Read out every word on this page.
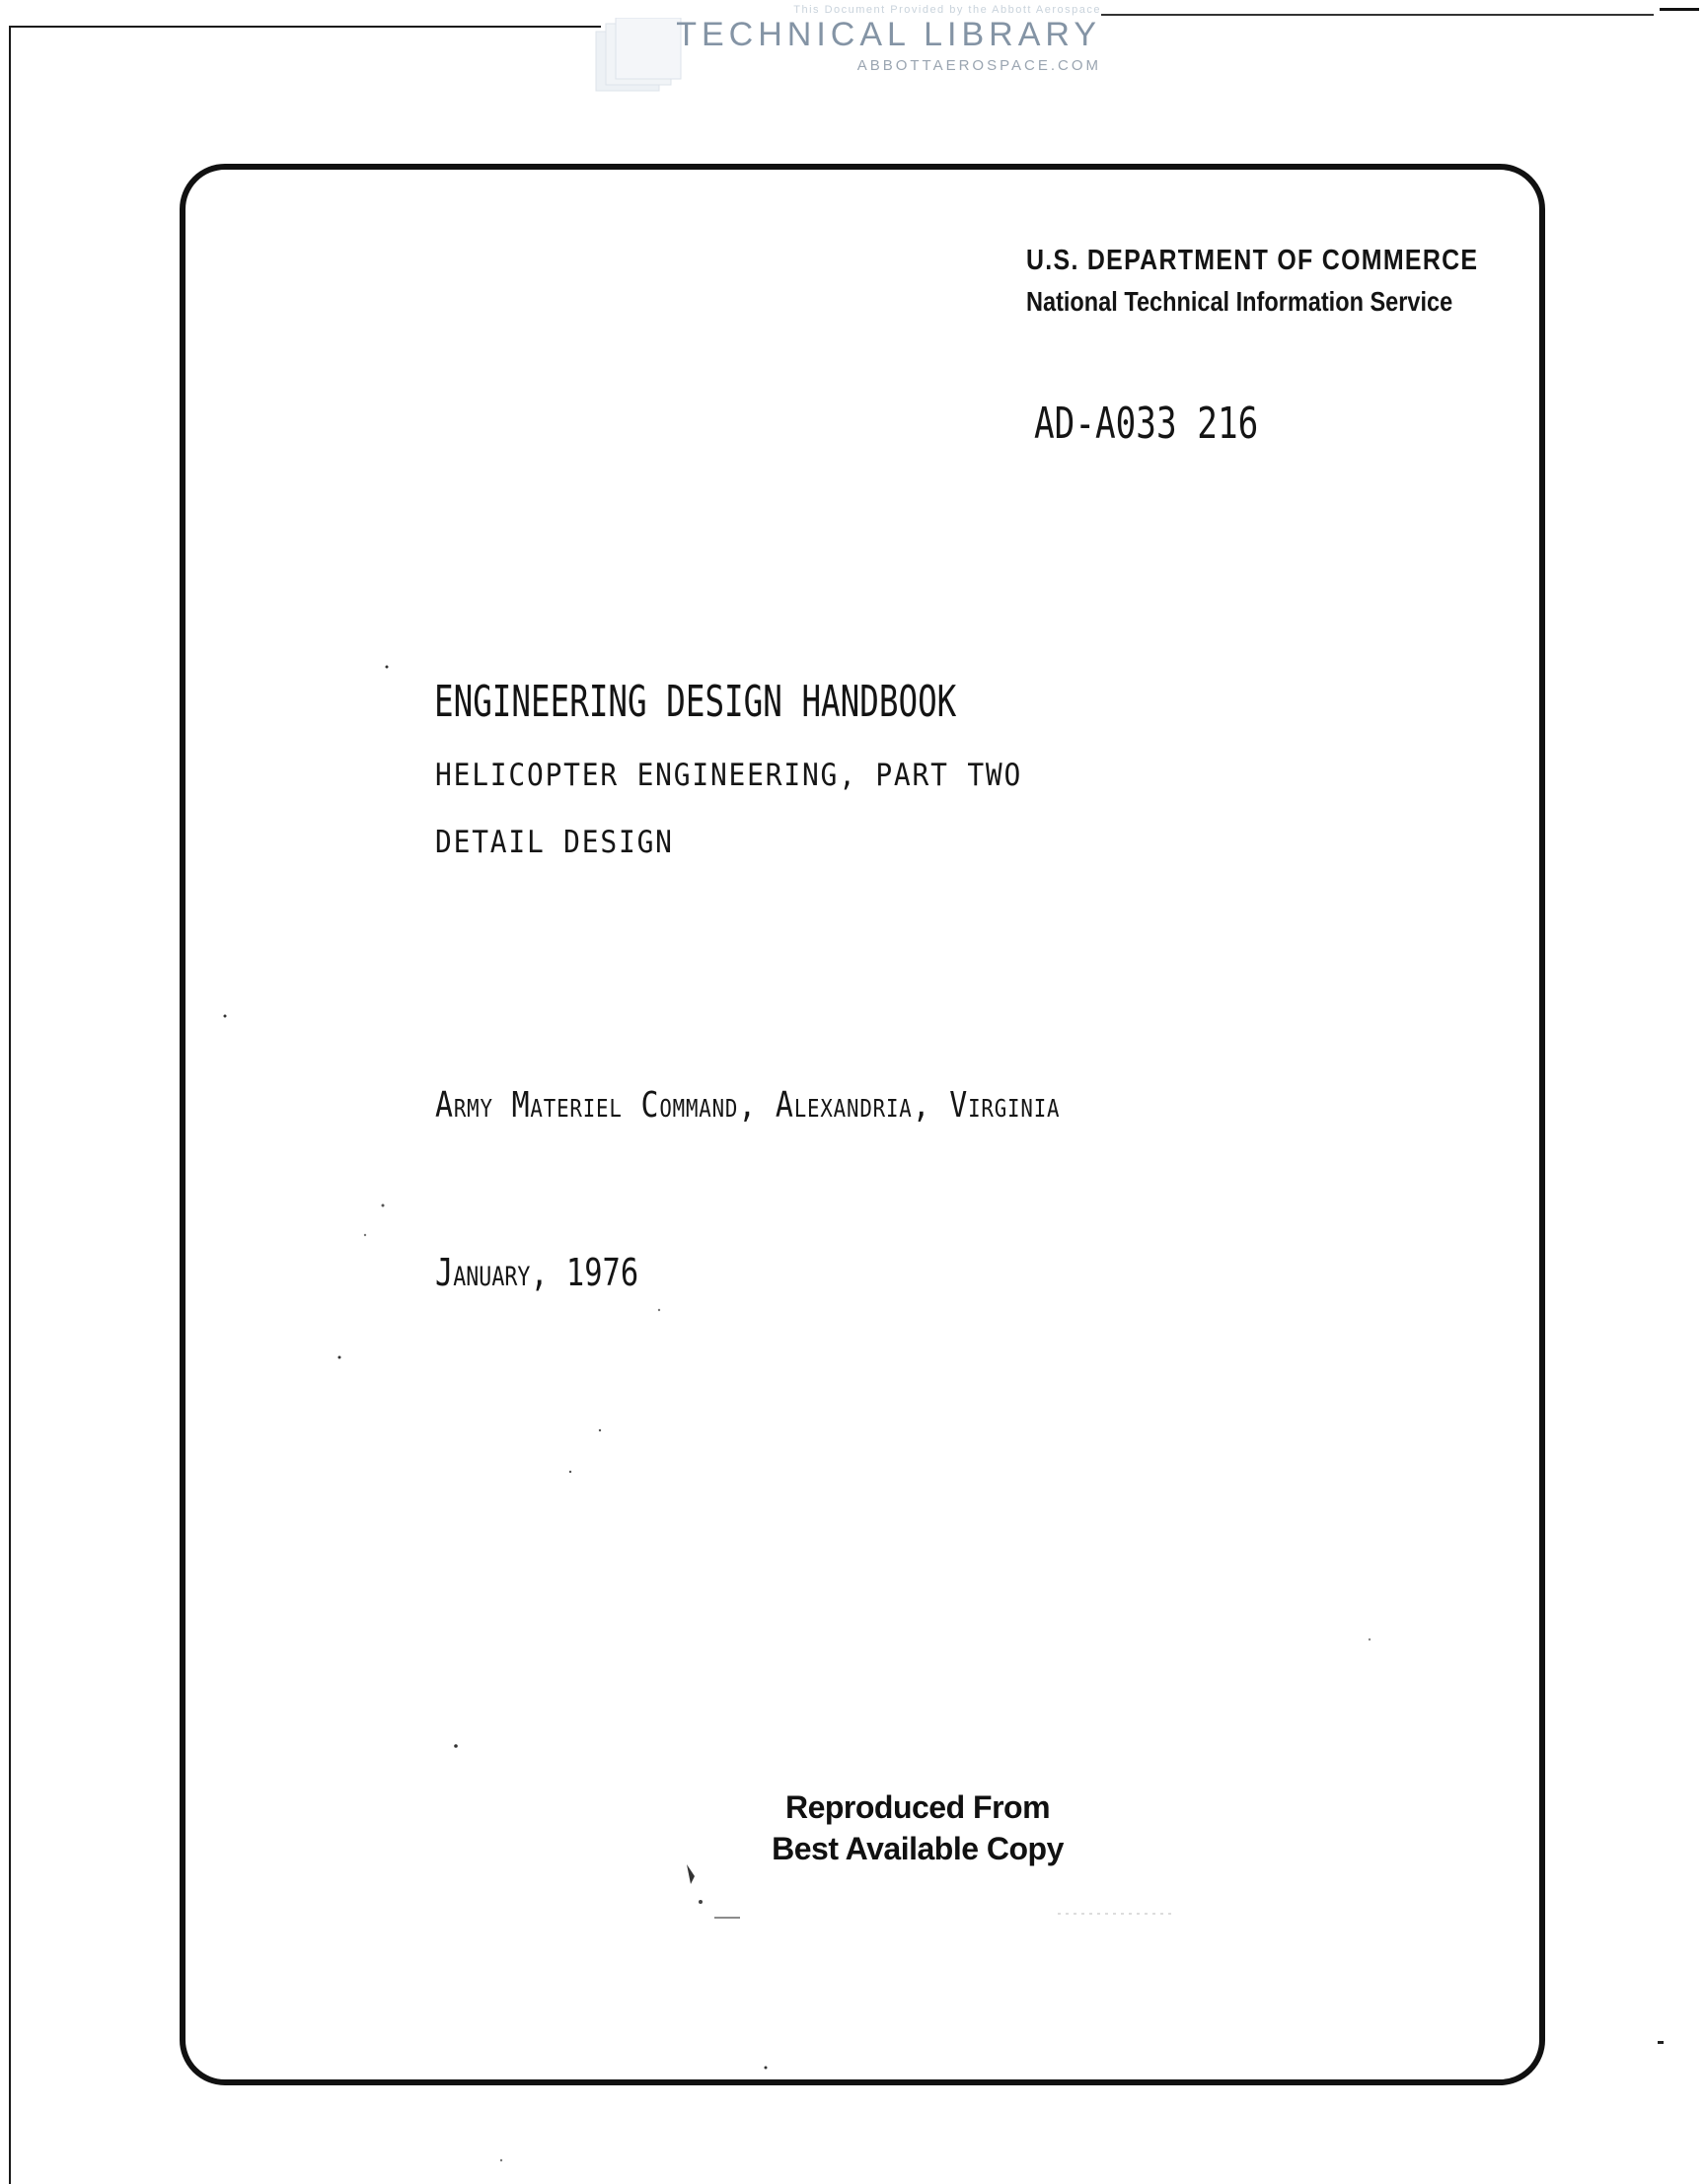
This Document Provided by the Abbott Aerospace
TECHNICAL LIBRARY
ABBOTTAEROSPACE.COM
U.S. DEPARTMENT OF COMMERCE
National Technical Information Service
AD-A033 216
ENGINEERING DESIGN HANDBOOK
HELICOPTER ENGINEERING, PART TWO
DETAIL DESIGN
Army Materiel Command, Alexandria, Virginia
January, 1976
Reproduced From
Best Available Copy
